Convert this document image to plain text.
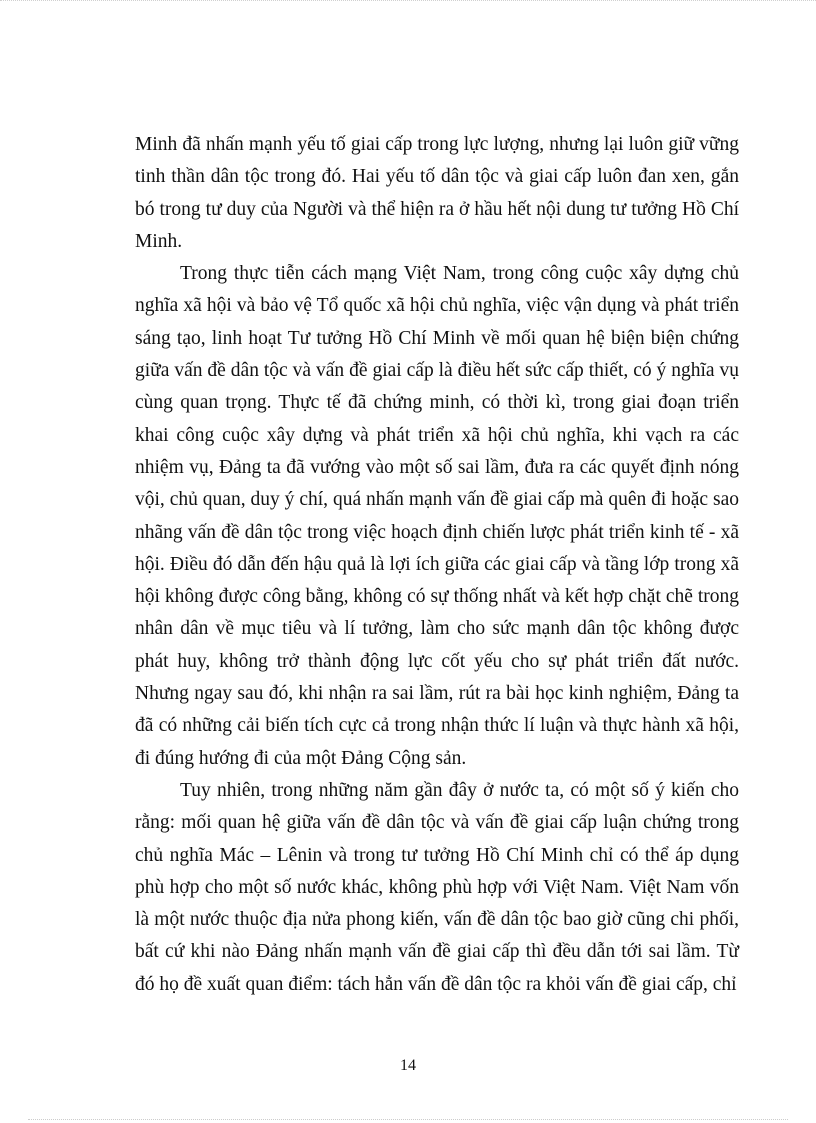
Minh đã nhấn mạnh yếu tố giai cấp trong lực lượng, nhưng lại luôn giữ vững tinh thần dân tộc trong đó. Hai yếu tố dân tộc và giai cấp luôn đan xen, gắn bó trong tư duy của Người và thể hiện ra ở hầu hết nội dung tư tưởng Hồ Chí Minh.

Trong thực tiễn cách mạng Việt Nam, trong công cuộc xây dựng chủ nghĩa xã hội và bảo vệ Tổ quốc xã hội chủ nghĩa, việc vận dụng và phát triển sáng tạo, linh hoạt Tư tưởng Hồ Chí Minh về mối quan hệ biện biện chứng giữa vấn đề dân tộc và vấn đề giai cấp là điều hết sức cấp thiết, có ý nghĩa vụ cùng quan trọng. Thực tế đã chứng minh, có thời kì, trong giai đoạn triển khai công cuộc xây dựng và phát triển xã hội chủ nghĩa, khi vạch ra các nhiệm vụ, Đảng ta đã vướng vào một số sai lầm, đưa ra các quyết định nóng vội, chủ quan, duy ý chí, quá nhấn mạnh vấn đề giai cấp mà quên đi hoặc sao nhãng vấn đề dân tộc trong việc hoạch định chiến lược phát triển kinh tế - xã hội. Điều đó dẫn đến hậu quả là lợi ích giữa các giai cấp và tầng lớp trong xã hội không được công bằng, không có sự thống nhất và kết hợp chặt chẽ trong nhân dân về mục tiêu và lí tưởng, làm cho sức mạnh dân tộc không được phát huy, không trở thành động lực cốt yếu cho sự phát triển đất nước. Nhưng ngay sau đó, khi nhận ra sai lầm, rút ra bài học kinh nghiệm, Đảng ta đã có những cải biến tích cực cả trong nhận thức lí luận và thực hành xã hội, đi đúng hướng đi của một Đảng Cộng sản.

Tuy nhiên, trong những năm gần đây ở nước ta, có một số ý kiến cho rằng: mối quan hệ giữa vấn đề dân tộc và vấn đề giai cấp luận chứng trong chủ nghĩa Mác – Lênin và trong tư tưởng Hồ Chí Minh chỉ có thể áp dụng phù hợp cho một số nước khác, không phù hợp với Việt Nam. Việt Nam vốn là một nước thuộc địa nửa phong kiến, vấn đề dân tộc bao giờ cũng chi phối, bất cứ khi nào Đảng nhấn mạnh vấn đề giai cấp thì đều dẫn tới sai lầm. Từ đó họ đề xuất quan điểm: tách hẳn vấn đề dân tộc ra khỏi vấn đề giai cấp, chỉ

14
